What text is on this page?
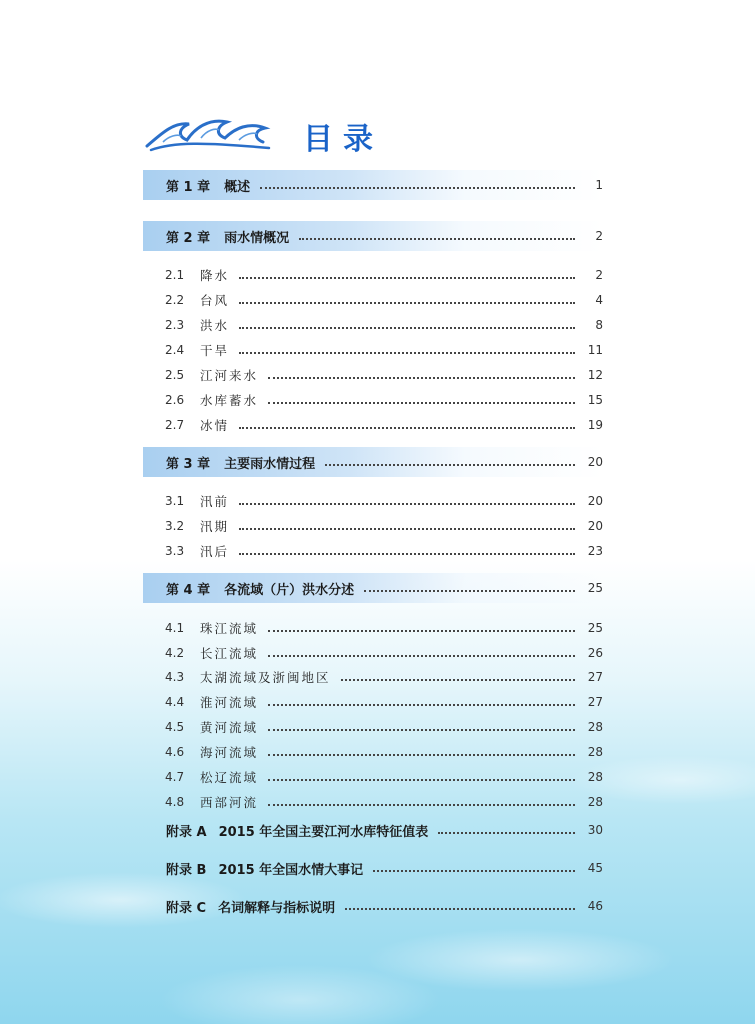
目录
第 1 章 概述	1
第 2 章 雨水情概况	2
2.1	降水	2
2.2	台风	4
2.3	洪水	8
2.4	干旱	11
2.5	江河来水	12
2.6	水库蓄水	15
2.7	冰情	19
第 3 章 主要雨水情过程	20
3.1	汛前	20
3.2	汛期	20
3.3	汛后	23
第 4 章 各流域（片）洪水分述	25
4.1	珠江流域	25
4.2	长江流域	26
4.3	太湖流域及浙闽地区	27
4.4	淮河流域	27
4.5	黄河流域	28
4.6	海河流域	28
4.7	松辽流域	28
4.8	西部河流	28
附录 A 2015 年全国主要江河水库特征值表	30
附录 B 2015 年全国水情大事记	45
附录 C 名词解释与指标说明	46
